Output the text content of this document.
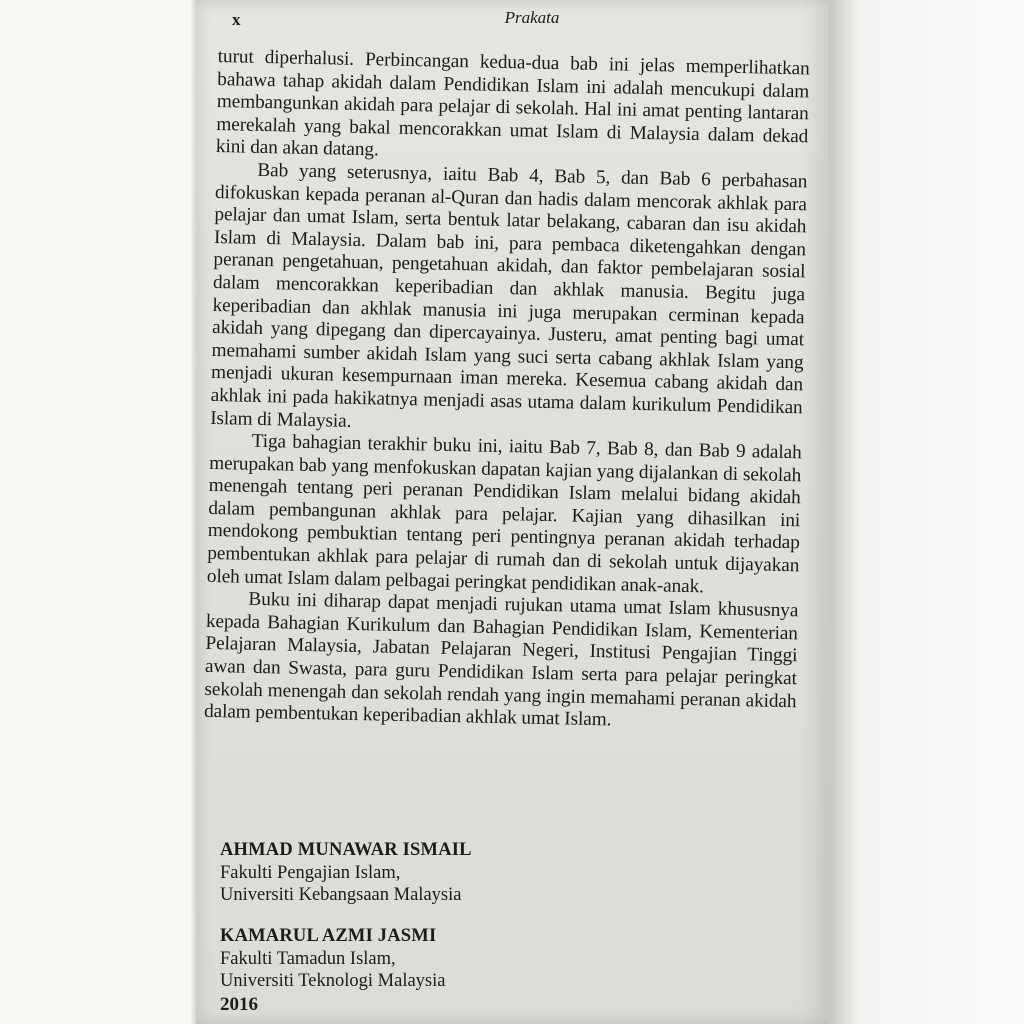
x	Prakata

turut diperhalusi. Perbincangan kedua-dua bab ini jelas memperlihatkan bahawa tahap akidah dalam Pendidikan Islam ini adalah mencukupi dalam membangunkan akidah para pelajar di sekolah. Hal ini amat penting lantaran merekalah yang bakal mencorakkan umat Islam di Malaysia dalam dekad kini dan akan datang.

Bab yang seterusnya, iaitu Bab 4, Bab 5, dan Bab 6 perbahasan difokuskan kepada peranan al-Quran dan hadis dalam mencorak akhlak para pelajar dan umat Islam, serta bentuk latar belakang, cabaran dan isu akidah Islam di Malaysia. Dalam bab ini, para pembaca diketengahkan dengan peranan pengetahuan, pengetahuan akidah, dan faktor pembelajaran sosial dalam mencorakkan keperibadian dan akhlak manusia. Begitu juga keperibadian dan akhlak manusia ini juga merupakan cerminan kepada akidah yang dipegang dan dipercayainya. Justeru, amat penting bagi umat memahami sumber akidah Islam yang suci serta cabang akhlak Islam yang menjadi ukuran kesempurnaan iman mereka. Kesemua cabang akidah dan akhlak ini pada hakikatnya menjadi asas utama dalam kurikulum Pendidikan Islam di Malaysia.

Tiga bahagian terakhir buku ini, iaitu Bab 7, Bab 8, dan Bab 9 adalah merupakan bab yang menfokuskan dapatan kajian yang dijalankan di sekolah menengah tentang peri peranan Pendidikan Islam melalui bidang akidah dalam pembangunan akhlak para pelajar. Kajian yang dihasilkan ini mendokong pembuktian tentang peri pentingnya peranan akidah terhadap pembentukan akhlak para pelajar di rumah dan di sekolah untuk dijayakan oleh umat Islam dalam pelbagai peringkat pendidikan anak-anak.

Buku ini diharap dapat menjadi rujukan utama umat Islam khususnya kepada Bahagian Kurikulum dan Bahagian Pendidikan Islam, Kementerian Pelajaran Malaysia, Jabatan Pelajaran Negeri, Institusi Pengajian Tinggi awan dan Swasta, para guru Pendidikan Islam serta para pelajar peringkat sekolah menengah dan sekolah rendah yang ingin memahami peranan akidah dalam pembentukan keperibadian akhlak umat Islam.

AHMAD MUNAWAR ISMAIL
Fakulti Pengajian Islam,
Universiti Kebangsaan Malaysia
KAMARUL AZMI JASMI
Fakulti Tamadun Islam,
Universiti Teknologi Malaysia
2016
